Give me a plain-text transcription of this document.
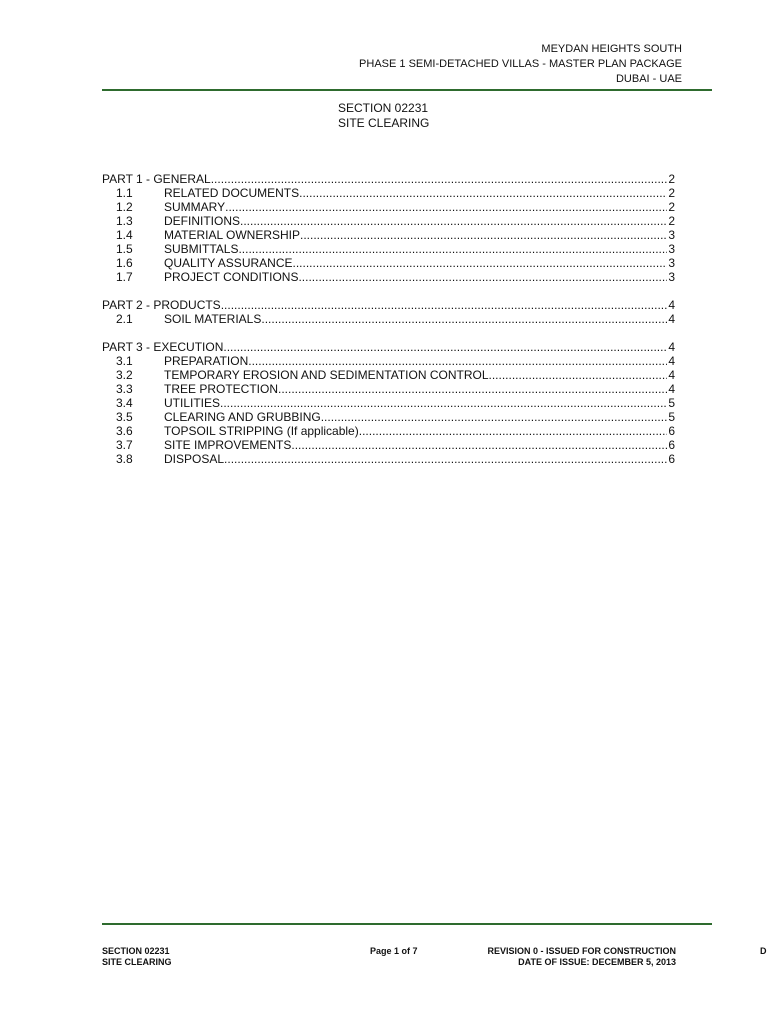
MEYDAN HEIGHTS SOUTH
PHASE 1 SEMI-DETACHED VILLAS - MASTER PLAN PACKAGE
DUBAI - UAE
SECTION 02231
SITE CLEARING
PART 1 - GENERAL .....	2
1.1	RELATED DOCUMENTS .....	2
1.2	SUMMARY .....	2
1.3	DEFINITIONS .....	2
1.4	MATERIAL OWNERSHIP .....	3
1.5	SUBMITTALS .....	3
1.6	QUALITY ASSURANCE .....	3
1.7	PROJECT CONDITIONS .....	3
PART 2 - PRODUCTS .....	4
2.1	SOIL MATERIALS .....	4
PART 3 - EXECUTION .....	4
3.1	PREPARATION .....	4
3.2	TEMPORARY EROSION AND SEDIMENTATION CONTROL .....	4
3.3	TREE PROTECTION .....	4
3.4	UTILITIES .....	5
3.5	CLEARING AND GRUBBING .....	5
3.6	TOPSOIL STRIPPING (If applicable) .....	6
3.7	SITE IMPROVEMENTS .....	6
3.8	DISPOSAL .....	6
SECTION 02231
SITE CLEARING
Page 1 of 7	REVISION 0 - ISSUED FOR CONSTRUCTION
DATE OF ISSUE: DECEMBER 5, 2013
D
